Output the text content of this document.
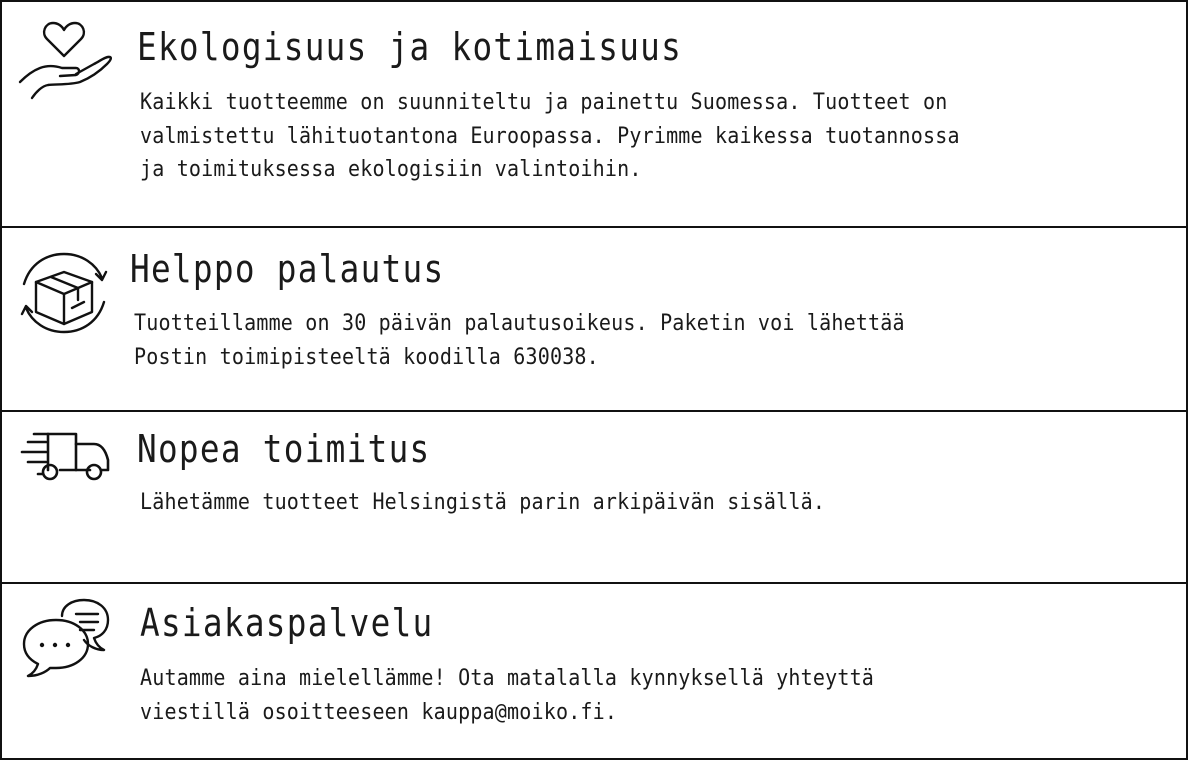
Ekologisuus ja kotimaisuus
Kaikki tuotteemme on suunniteltu ja painettu Suomessa. Tuotteet on
valmistettu lähituotantona Euroopassa. Pyrimme kaikessa tuotannossa
ja toimituksessa ekologisiin valintoihin.
Helppo palautus
Tuotteillamme on 30 päivän palautusoikeus. Paketin voi lähettää
Postin toimipisteeltä koodilla 630038.
Nopea toimitus
Lähetämme tuotteet Helsingistä parin arkipäivän sisällä.
Asiakaspalvelu
Autamme aina mielellämme! Ota matalalla kynnyksellä yhteyttä
viestillä osoitteeseen kauppa@moiko.fi.
